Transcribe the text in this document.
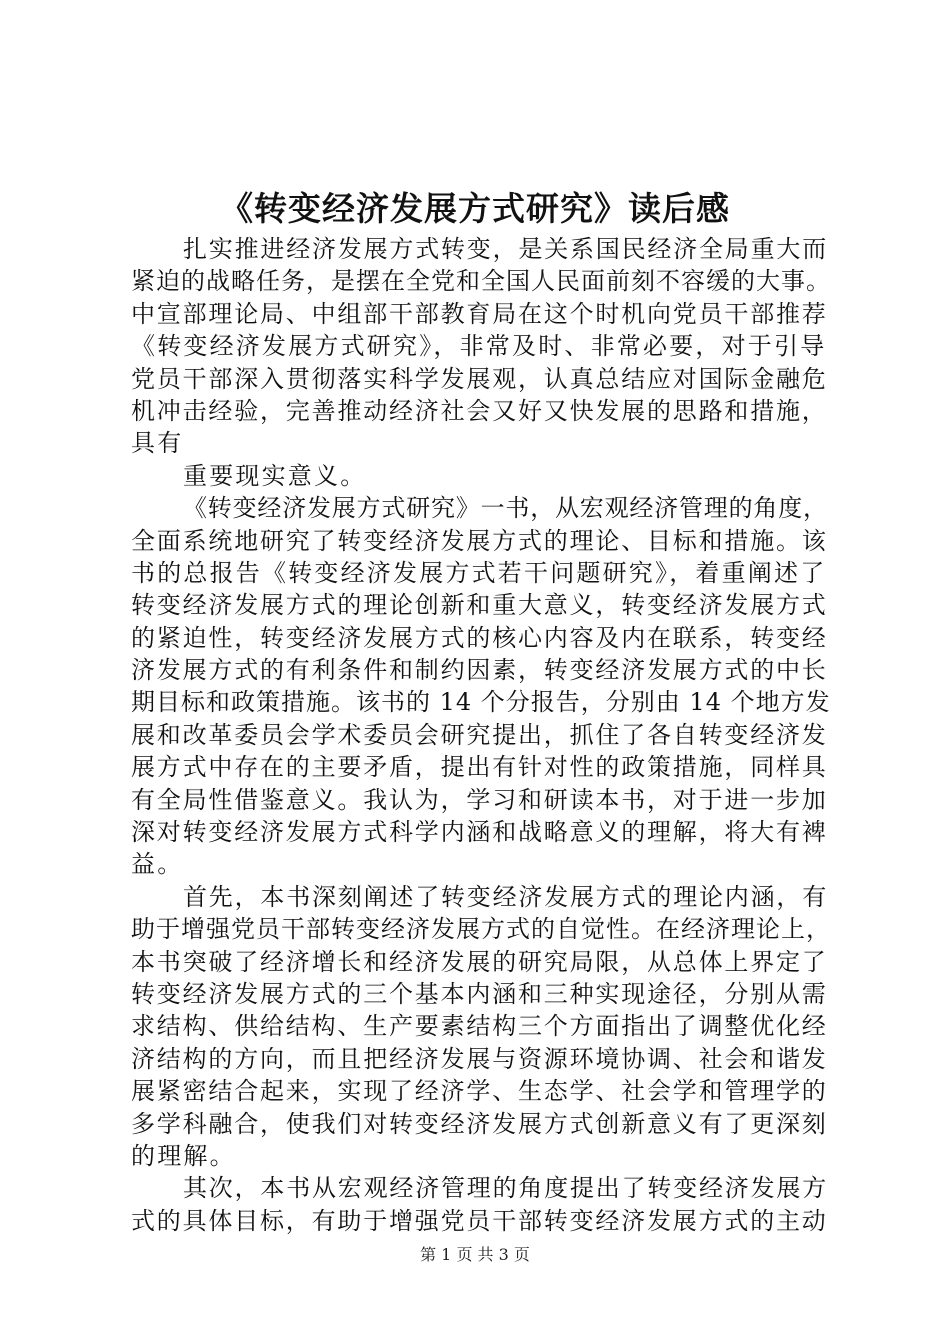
《转变经济发展方式研究》读后感
扎实推进经济发展方式转变，是关系国民经济全局重大而
紧迫的战略任务，是摆在全党和全国人民面前刻不容缓的大事。
中宣部理论局、中组部干部教育局在这个时机向党员干部推荐
《转变经济发展方式研究》，非常及时、非常必要，对于引导
党员干部深入贯彻落实科学发展观，认真总结应对国际金融危
机冲击经验，完善推动经济社会又好又快发展的思路和措施，
具有
重要现实意义。
《转变经济发展方式研究》一书，从宏观经济管理的角度，
全面系统地研究了转变经济发展方式的理论、目标和措施。该
书的总报告《转变经济发展方式若干问题研究》，着重阐述了
转变经济发展方式的理论创新和重大意义，转变经济发展方式
的紧迫性，转变经济发展方式的核心内容及内在联系，转变经
济发展方式的有利条件和制约因素，转变经济发展方式的中长
期目标和政策措施。该书的 14 个分报告，分别由 14 个地方发
展和改革委员会学术委员会研究提出，抓住了各自转变经济发
展方式中存在的主要矛盾，提出有针对性的政策措施，同样具
有全局性借鉴意义。我认为，学习和研读本书，对于进一步加
深对转变经济发展方式科学内涵和战略意义的理解，将大有裨
益。
首先，本书深刻阐述了转变经济发展方式的理论内涵，有
助于增强党员干部转变经济发展方式的自觉性。在经济理论上，
本书突破了经济增长和经济发展的研究局限，从总体上界定了
转变经济发展方式的三个基本内涵和三种实现途径，分别从需
求结构、供给结构、生产要素结构三个方面指出了调整优化经
济结构的方向，而且把经济发展与资源环境协调、社会和谐发
展紧密结合起来，实现了经济学、生态学、社会学和管理学的
多学科融合，使我们对转变经济发展方式创新意义有了更深刻
的理解。
其次，本书从宏观经济管理的角度提出了转变经济发展方
式的具体目标，有助于增强党员干部转变经济发展方式的主动
第 1 页 共 3 页
